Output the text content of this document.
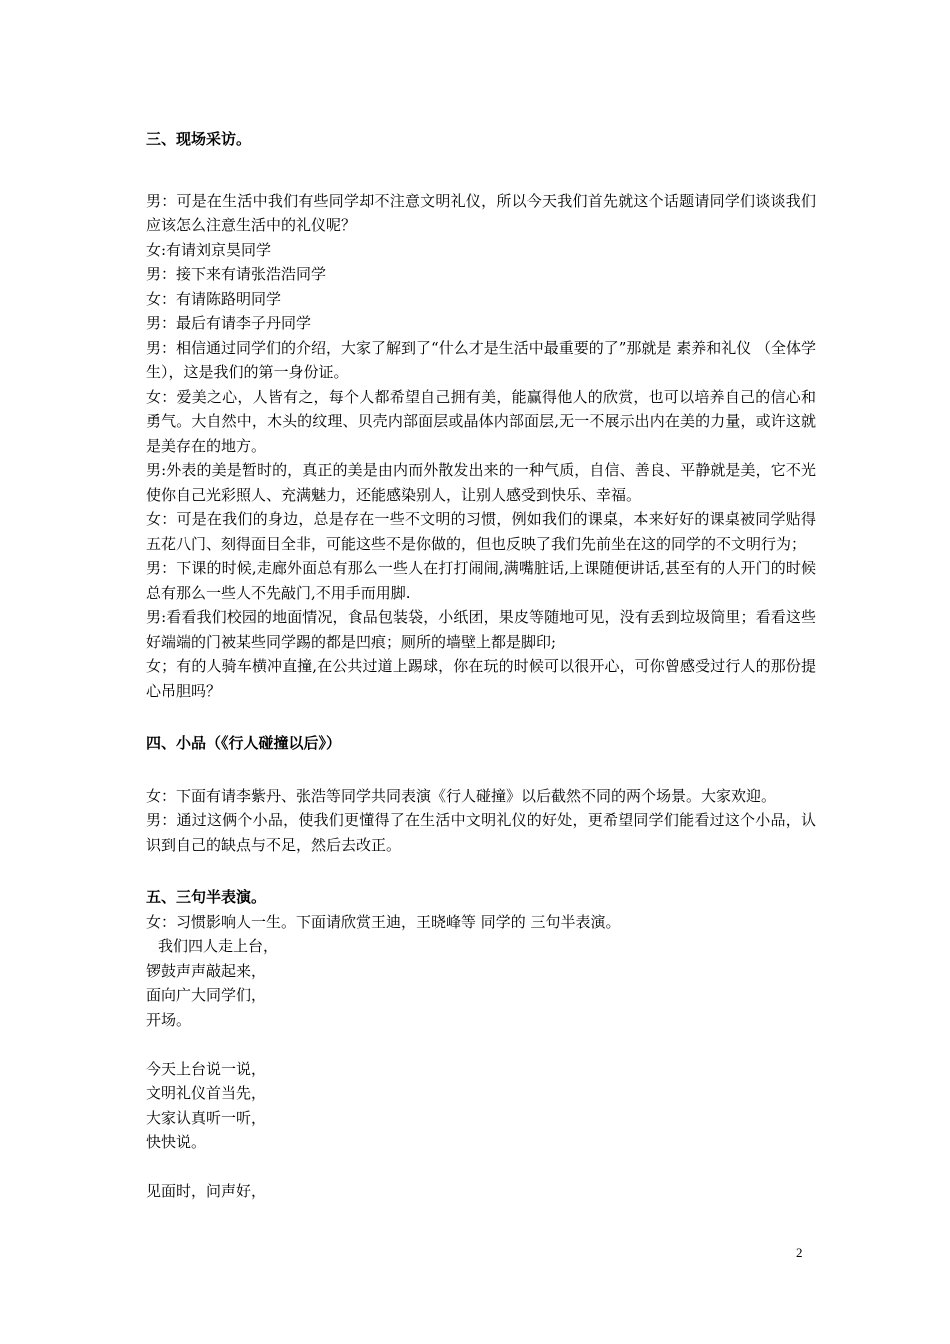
三、现场采访。

男：可是在生活中我们有些同学却不注意文明礼仪，所以今天我们首先就这个话题请同学们谈谈我们应该怎么注意生活中的礼仪呢？

女:有请刘京昊同学

男：接下来有请张浩浩同学

女：有请陈路明同学

男：最后有请李子丹同学

男：相信通过同学们的介绍，大家了解到了“什么才是生活中最重要的了”那就是 素养和礼仪 （全体学生），这是我们的第一身份证。

女：爱美之心，人皆有之，每个人都希望自己拥有美，能赢得他人的欣赏，也可以培养自己的信心和勇气。大自然中，木头的纹理、贝壳内部面层或晶体内部面层,无一不展示出内在美的力量，或许这就是美存在的地方。

男:外表的美是暂时的，真正的美是由内而外散发出来的一种气质，自信、善良、平静就是美，它不光使你自己光彩照人、充满魅力，还能感染别人，让别人感受到快乐、幸福。

女：可是在我们的身边，总是存在一些不文明的习惯，例如我们的课桌，本来好好的课桌被同学贴得五花八门、刻得面目全非，可能这些不是你做的，但也反映了我们先前坐在这的同学的不文明行为；

男：下课的时候,走廊外面总有那么一些人在打打闹闹,满嘴脏话,上课随便讲话,甚至有的人开门的时候总有那么一些人不先敲门,不用手而用脚.

男:看看我们校园的地面情况，食品包装袋，小纸团，果皮等随地可见，没有丢到垃圾筒里；看看这些好端端的门被某些同学踢的都是凹痕；厕所的墙壁上都是脚印;

女；有的人骑车横冲直撞,在公共过道上踢球，你在玩的时候可以很开心，可你曾感受过行人的那份提心吊胆吗？

四、小品（《行人碰撞以后》）

女：下面有请李紫丹、张浩等同学共同表演《行人碰撞》以后截然不同的两个场景。大家欢迎。

男：通过这俩个小品，使我们更懂得了在生活中文明礼仪的好处，更希望同学们能看过这个小品，认识到自己的缺点与不足，然后去改正。

五、三句半表演。

女：习惯影响人一生。下面请欣赏王迪，王晓峰等 同学的 三句半表演。

我们四人走上台，

锣鼓声声敲起来，

面向广大同学们，

开场。

今天上台说一说，

文明礼仪首当先，

大家认真听一听，

快快说。

见面时，问声好，

2
